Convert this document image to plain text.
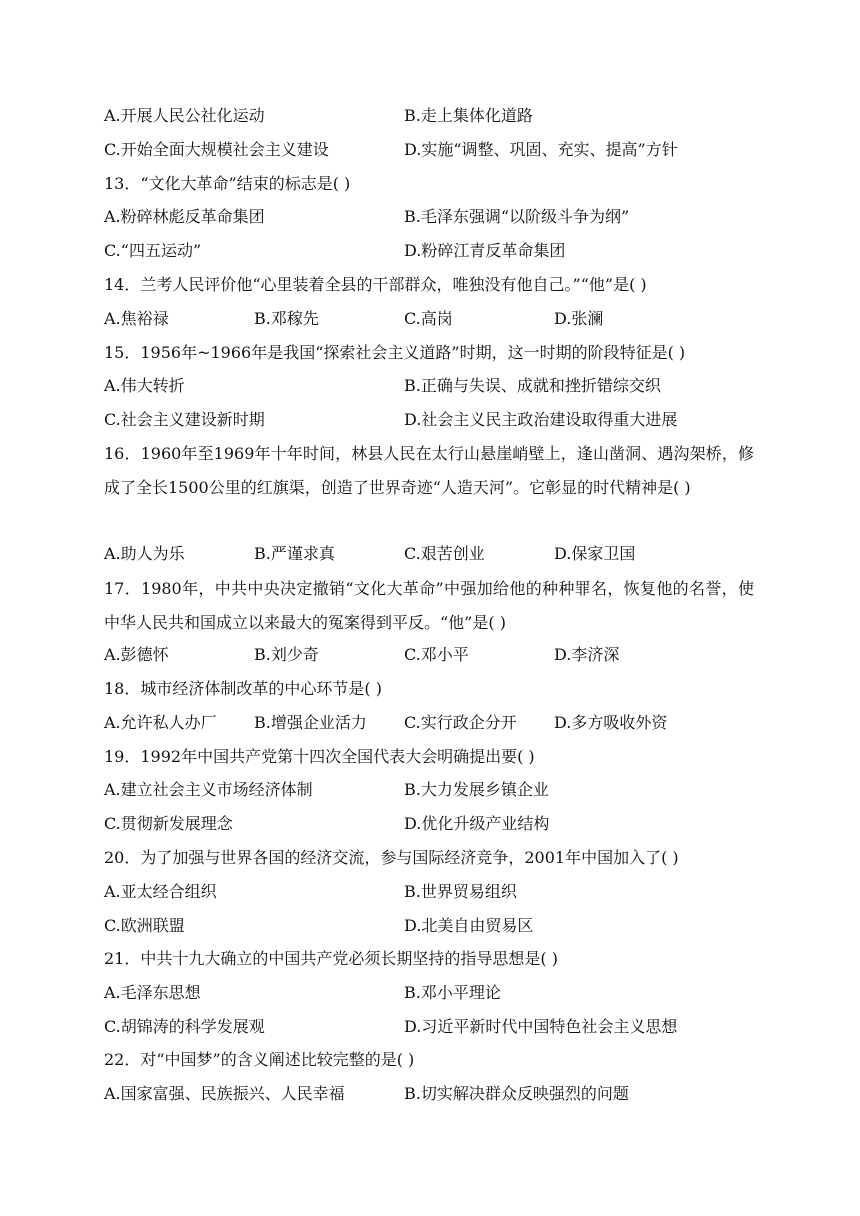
A.开展人民公社化运动	B.走上集体化道路
C.开始全面大规模社会主义建设	D.实施“调整、巩固、充实、提高”方针
13．“文化大革命”结束的标志是( )
A.粉碎林彪反革命集团	B.毛泽东强调“以阶级斗争为纲”
C.“四五运动”	D.粉碎江青反革命集团
14．兰考人民评价他“心里装着全县的干部群众，唯独没有他自己。”“他”是( )
A.焦裕禄	B.邓稼先	C.高岗	D.张澜
15．1956年~1966年是我国“探索社会主义道路”时期，这一时期的阶段特征是( )
A.伟大转折	B.正确与失误、成就和挫折错综交织
C.社会主义建设新时期	D.社会主义民主政治建设取得重大进展
16．1960年至1969年十年时间，林县人民在太行山悬崖峭壁上，逢山凿洞、遇沟架桥，修成了全长1500公里的红旗渠，创造了世界奇迹“人造天河”。它彰显的时代精神是( )
A.助人为乐	B.严谨求真	C.艰苦创业	D.保家卫国
17．1980年，中共中央决定撤销“文化大革命”中强加给他的种种罪名，恢复他的名誉，使中华人民共和国成立以来最大的冤案得到平反。“他”是( )
A.彭德怀	B.刘少奇	C.邓小平	D.李济深
18．城市经济体制改革的中心环节是( )
A.允许私人办厂 B.增强企业活力 C.实行政企分开 D.多方吸收外资
19．1992年中国共产党第十四次全国代表大会明确提出要( )
A.建立社会主义市场经济体制	B.大力发展乡镇企业
C.贯彻新发展理念	D.优化升级产业结构
20．为了加强与世界各国的经济交流，参与国际经济竞争，2001年中国加入了( )
A.亚太经合组织	B.世界贸易组织
C.欧洲联盟	D.北美自由贸易区
21．中共十九大确立的中国共产党必须长期坚持的指导思想是( )
A.毛泽东思想	B.邓小平理论
C.胡锦涛的科学发展观	D.习近平新时代中国特色社会主义思想
22．对“中国梦”的含义阐述比较完整的是( )
A.国家富强、民族振兴、人民幸福	B.切实解决群众反映强烈的问题
